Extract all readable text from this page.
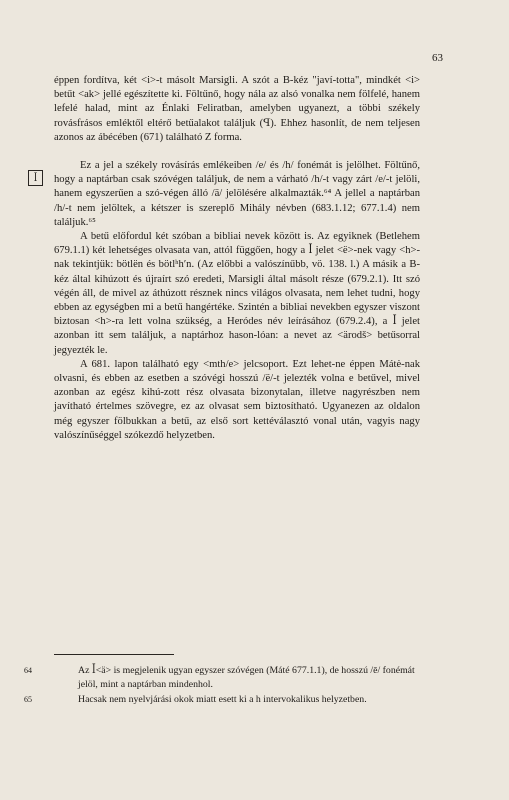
63
ꟾ

éppen fordítva, két <i>-t másolt Marsigli. A szót a B-kéz "javí-totta", mindkét <i> betűt <ak> jellé egészítette ki. Föltűnő, hogy nála az alsó vonalka nem fölfelé, hanem lefelé halad, mint az Énlaki Feliratban, amelyben ugyanezt, a többi székely rovásfrásos emléktől eltérő betűalakot találjuk (ꟼ). Ehhez hasonlít, de nem teljesen azonos az ábécében (671) található Z forma.

Ez a jel a székely rovásírás emlékeiben /e/ és /h/ fonémát is jelölhet. Föltűnő, hogy a naptárban csak szóvégen találjuk, de nem a várható /h/-t vagy zárt /e/-t jelöli, hanem egyszerűen a szó-végen álló /ä/ jelölésére alkalmazták.⁶⁴ A jellel a naptárban /h/-t nem jelöltek, a kétszer is szereplő Mihály névben (683.1.12; 677.1.4) nem találjuk.⁶⁵

A betű előfordul két szóban a bibliai nevek között is. Az egyiknek (Betlehem 679.1.1) két lehetséges olvasata van, attól függően, hogy a ꟾ jelet <ë>-nek vagy <h>-nak tekintjük: bötlën és bötlʰhʹn. (Az előbbi a valószínűbb, vö. 138. l.) A másik a B-kéz által kihúzott és újraírt szó eredeti, Marsigli által másolt része (679.2.1). Itt szó végén áll, de mivel az áthúzott résznek nincs világos olvasata, nem lehet tudni, hogy ebben az egységben mi a betű hangértéke. Szintén a bibliai nevekben egyszer viszont biztosan <h>-ra lett volna szükség, a Heródes név leírásához (679.2.4), a ꟾ jelet azonban itt sem találjuk, a naptárhoz hason-lóan: a nevet az <ärodš> betűsorral jegyezték le.

A 681. lapon található egy <mth/e> jelcsoport. Ezt lehet-ne éppen Mátė-nak olvasni, és ebben az esetben a szóvégi hosszú /ë/-t jelezték volna e betűvel, mivel azonban az egész kihú-zott rész olvasata bizonytalan, illetve nagyrészben nem javítható értelmes szövegre, ez az olvasat sem biztosítható. Ugyanezen az oldalon még egyszer fölbukkan a betű, az első sort kettéválasztó vonal után, vagyis nagy valószínűséggel szókezdő helyzetben.

64	Az ꟾ<ä> is megjelenik ugyan egyszer szóvégen (Máté 677.1.1), de hosszú /ē/ fonémát jelöl, mint a naptárban mindenhol.
65	Hacsak nem nyelvjárási okok miatt esett ki a h intervokalikus helyzetben.
